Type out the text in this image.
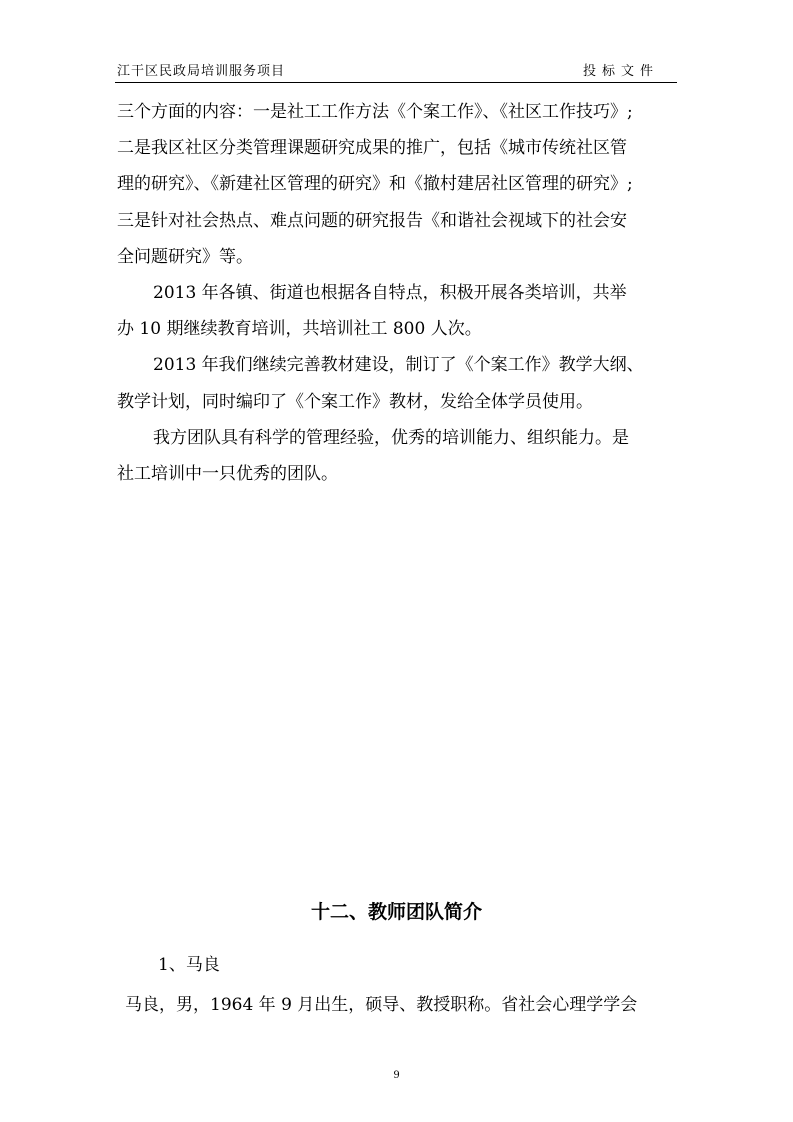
江干区民政局培训服务项目	投标文件
三个方面的内容：一是社工工作方法《个案工作》、《社区工作技巧》;
二是我区社区分类管理课题研究成果的推广，包括《城市传统社区管
理的研究》、《新建社区管理的研究》和《撤村建居社区管理的研究》;
三是针对社会热点、难点问题的研究报告《和谐社会视域下的社会安
全问题研究》等。
2013 年各镇、街道也根据各自特点，积极开展各类培训，共举
办 10 期继续教育培训，共培训社工 800 人次。
2013 年我们继续完善教材建设，制订了《个案工作》教学大纲、
教学计划，同时编印了《个案工作》教材，发给全体学员使用。
我方团队具有科学的管理经验，优秀的培训能力、组织能力。是
社工培训中一只优秀的团队。
十二、教师团队简介
1、马良
马良，男，1964 年 9 月出生，硕导、教授职称。省社会心理学学会
9
